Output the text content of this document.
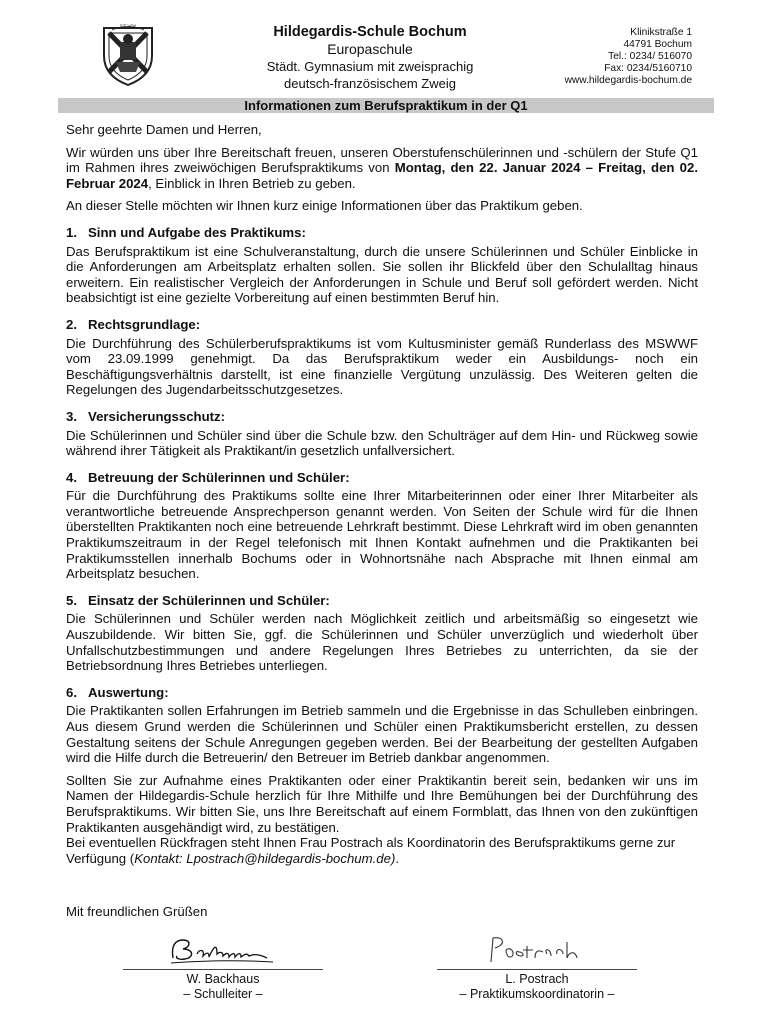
SIT VOX	Hildegardis-Schule Bochum
Europaschule
Städt. Gymnasium mit zweisprachig
deutsch-französischem Zweig
Klinikstraße 1
44791 Bochum
Tel.: 0234/ 516070
Fax: 0234/5160710
www.hildegardis-bochum.de
Informationen zum Berufspraktikum in der Q1

Sehr geehrte Damen und Herren,

Wir würden uns über Ihre Bereitschaft freuen, unseren Oberstufenschülerinnen und -schülern der Stufe Q1 im Rahmen ihres zweiwöchigen Berufspraktikums von Montag, den 22. Januar 2024 – Freitag, den 02. Februar 2024, Einblick in Ihren Betrieb zu geben.

An dieser Stelle möchten wir Ihnen kurz einige Informationen über das Praktikum geben.

1. Sinn und Aufgabe des Praktikums:

Das Berufspraktikum ist eine Schulveranstaltung, durch die unsere Schülerinnen und Schüler Einblicke in die Anforderungen am Arbeitsplatz erhalten sollen. Sie sollen ihr Blickfeld über den Schulalltag hinaus erweitern. Ein realistischer Vergleich der Anforderungen in Schule und Beruf soll gefördert werden. Nicht beabsichtigt ist eine gezielte Vorbereitung auf einen bestimmten Beruf hin.

2. Rechtsgrundlage:

Die Durchführung des Schülerberufspraktikums ist vom Kultusminister gemäß Runderlass des MSWWF vom 23.09.1999 genehmigt. Da das Berufspraktikum weder ein Ausbildungs- noch ein Beschäftigungsverhältnis darstellt, ist eine finanzielle Vergütung unzulässig. Des Weiteren gelten die Regelungen des Jugendarbeitsschutzgesetzes.

3. Versicherungsschutz:

Die Schülerinnen und Schüler sind über die Schule bzw. den Schulträger auf dem Hin- und Rückweg sowie während ihrer Tätigkeit als Praktikant/in gesetzlich unfallversichert.

4. Betreuung der Schülerinnen und Schüler:

Für die Durchführung des Praktikums sollte eine Ihrer Mitarbeiterinnen oder einer Ihrer Mitarbeiter als verantwortliche betreuende Ansprechperson genannt werden. Von Seiten der Schule wird für die Ihnen überstellten Praktikanten noch eine betreuende Lehrkraft bestimmt. Diese Lehrkraft wird im oben genannten Praktikumszeitraum in der Regel telefonisch mit Ihnen Kontakt aufnehmen und die Praktikanten bei Praktikumsstellen innerhalb Bochums oder in Wohnortsnähe nach Absprache mit Ihnen einmal am Arbeitsplatz besuchen.

5. Einsatz der Schülerinnen und Schüler:

Die Schülerinnen und Schüler werden nach Möglichkeit zeitlich und arbeitsmäßig so eingesetzt wie Auszubildende. Wir bitten Sie, ggf. die Schülerinnen und Schüler unverzüglich und wiederholt über Unfallschutzbestimmungen und andere Regelungen Ihres Betriebes zu unterrichten, da sie der Betriebsordnung Ihres Betriebes unterliegen.

6. Auswertung:

Die Praktikanten sollen Erfahrungen im Betrieb sammeln und die Ergebnisse in das Schulleben einbringen. Aus diesem Grund werden die Schülerinnen und Schüler einen Praktikumsbericht erstellen, zu dessen Gestaltung seitens der Schule Anregungen gegeben werden. Bei der Bearbeitung der gestellten Aufgaben wird die Hilfe durch die Betreuerin/ den Betreuer im Betrieb dankbar angenommen.

Sollten Sie zur Aufnahme eines Praktikanten oder einer Praktikantin bereit sein, bedanken wir uns im Namen der Hildegardis-Schule herzlich für Ihre Mithilfe und Ihre Bemühungen bei der Durchführung des Berufspraktikums. Wir bitten Sie, uns Ihre Bereitschaft auf einem Formblatt, das Ihnen von den zukünftigen Praktikanten ausgehändigt wird, zu bestätigen.

Bei eventuellen Rückfragen steht Ihnen Frau Postrach als Koordinatorin des Berufspraktikums gerne zur Verfügung (Kontakt: Lpostrach@hildegardis-bochum.de).

Mit freundlichen Grüßen
W. Backhaus
– Schulleiter –
L. Postrach
– Praktikumskoordinatorin –
